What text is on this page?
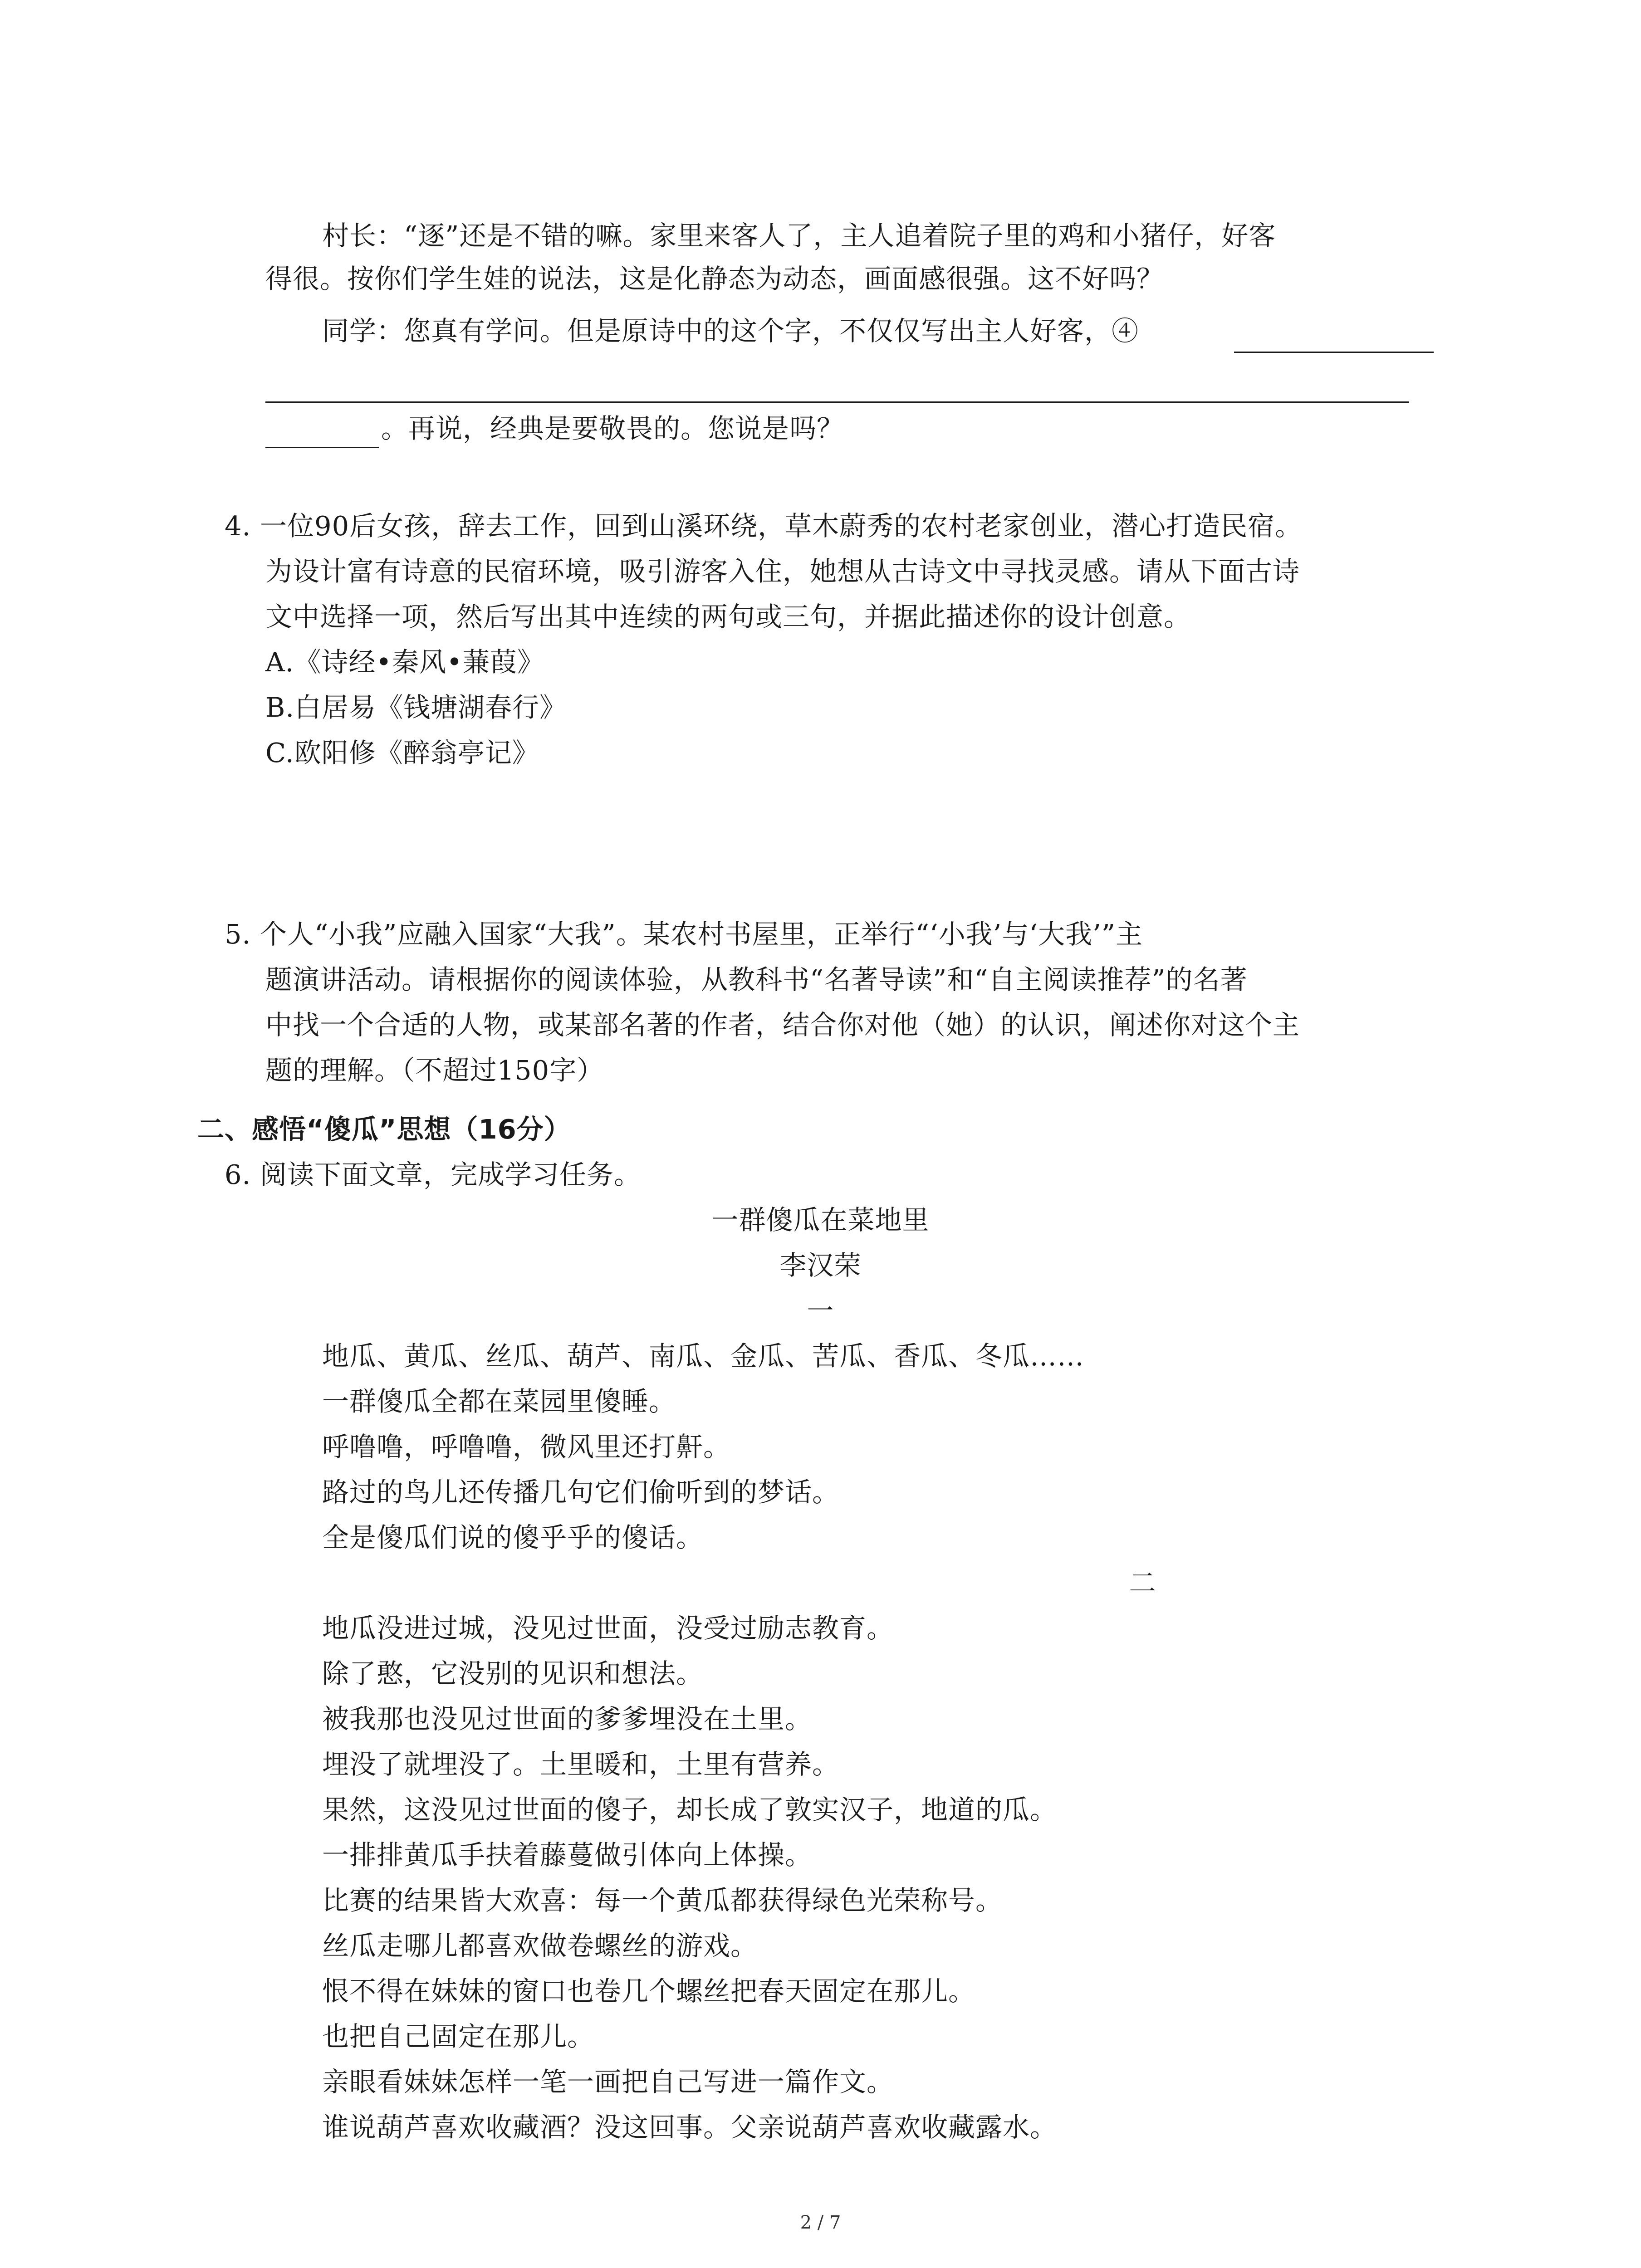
村长：“逐”还是不错的嘛。家里来客人了，主人追着院子里的鸡和小猪仔，好客
得很。按你们学生娃的说法，这是化静态为动态，画面感很强。这不好吗？
同学：您真有学问。但是原诗中的这个字，不仅仅写出主人好客，④
。再说，经典是要敬畏的。您说是吗？
4. 一位90后女孩，辞去工作，回到山溪环绕，草木蔚秀的农村老家创业，潜心打造民宿。
为设计富有诗意的民宿环境，吸引游客入住，她想从古诗文中寻找灵感。请从下面古诗
文中选择一项，然后写出其中连续的两句或三句，并据此描述你的设计创意。
A.《诗经•秦风•蒹葭》
B.白居易《钱塘湖春行》
C.欧阳修《醉翁亭记》
5. 个人“小我”应融入国家“大我”。某农村书屋里，正举行“‘小我’与‘大我’”主
题演讲活动。请根据你的阅读体验，从教科书“名著导读”和“自主阅读推荐”的名著
中找一个合适的人物，或某部名著的作者，结合你对他（她）的认识，阐述你对这个主
题的理解。（不超过150字）
二、感悟“傻瓜”思想（16分）
6. 阅读下面文章，完成学习任务。
一群傻瓜在菜地里
李汉荣
一
地瓜、黄瓜、丝瓜、葫芦、南瓜、金瓜、苦瓜、香瓜、冬瓜……
一群傻瓜全都在菜园里傻睡。
呼噜噜，呼噜噜，微风里还打鼾。
路过的鸟儿还传播几句它们偷听到的梦话。
全是傻瓜们说的傻乎乎的傻话。
二
地瓜没进过城，没见过世面，没受过励志教育。
除了憨，它没别的见识和想法。
被我那也没见过世面的爹爹埋没在土里。
埋没了就埋没了。土里暖和，土里有营养。
果然，这没见过世面的傻子，却长成了敦实汉子，地道的瓜。
一排排黄瓜手扶着藤蔓做引体向上体操。
比赛的结果皆大欢喜：每一个黄瓜都获得绿色光荣称号。
丝瓜走哪儿都喜欢做卷螺丝的游戏。
恨不得在妹妹的窗口也卷几个螺丝把春天固定在那儿。
也把自己固定在那儿。
亲眼看妹妹怎样一笔一画把自己写进一篇作文。
谁说葫芦喜欢收藏酒？没这回事。父亲说葫芦喜欢收藏露水。
2 / 7
